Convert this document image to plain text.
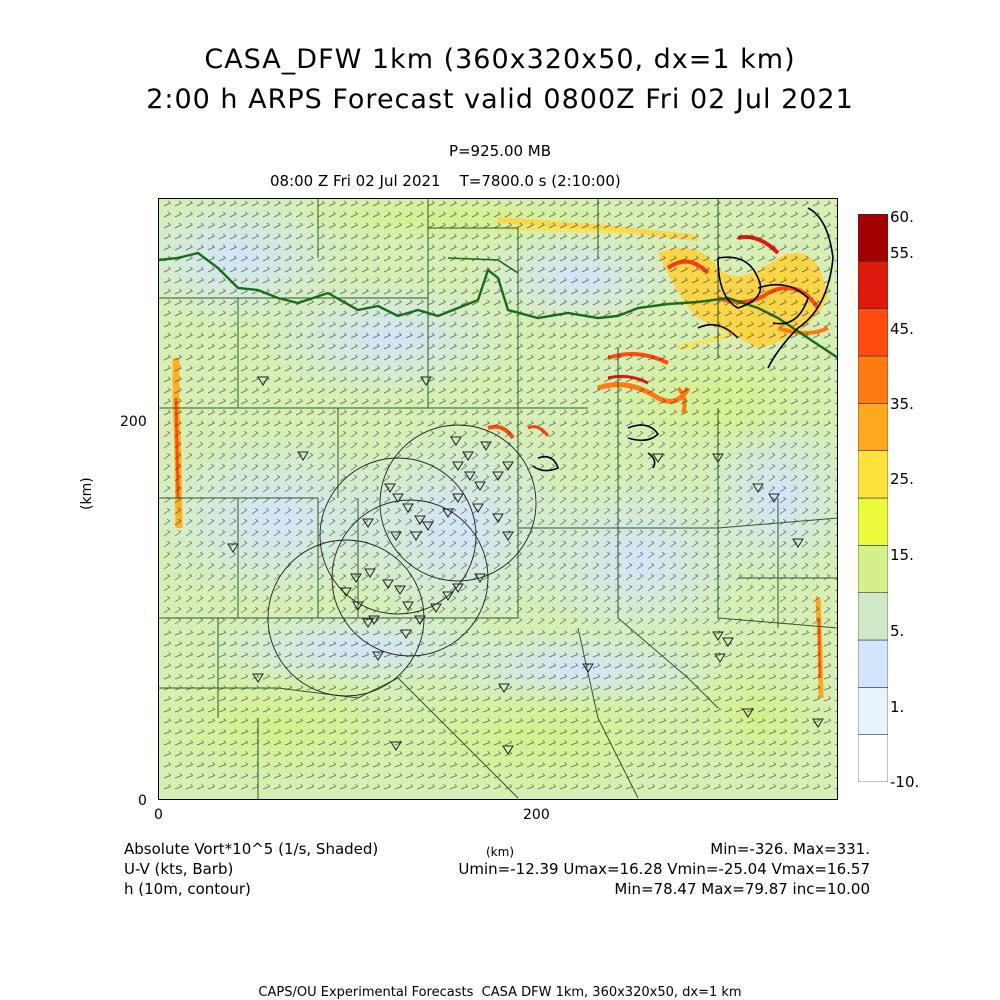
CASA_DFW 1km (360x320x50, dx=1 km)
2:00 h ARPS Forecast valid 0800Z Fri 02 Jul 2021
P=925.00 MB
08:00 Z Fri 02 Jul 2021    T=7800.0 s (2:10:00)
200
0
(km)
0	200
60.
55.
45.
35.
25.
15.
5.
1.
-10.
Absolute Vort*10^5 (1/s, Shaded)
U-V (kts, Barb)
h (10m, contour)
(km)	Min=-326. Max=331.
Umin=-12.39 Umax=16.28 Vmin=-25.04 Vmax=16.57
Min=78.47 Max=79.87 inc=10.00
CAPS/OU Experimental Forecasts  CASA DFW 1km, 360x320x50, dx=1 km
